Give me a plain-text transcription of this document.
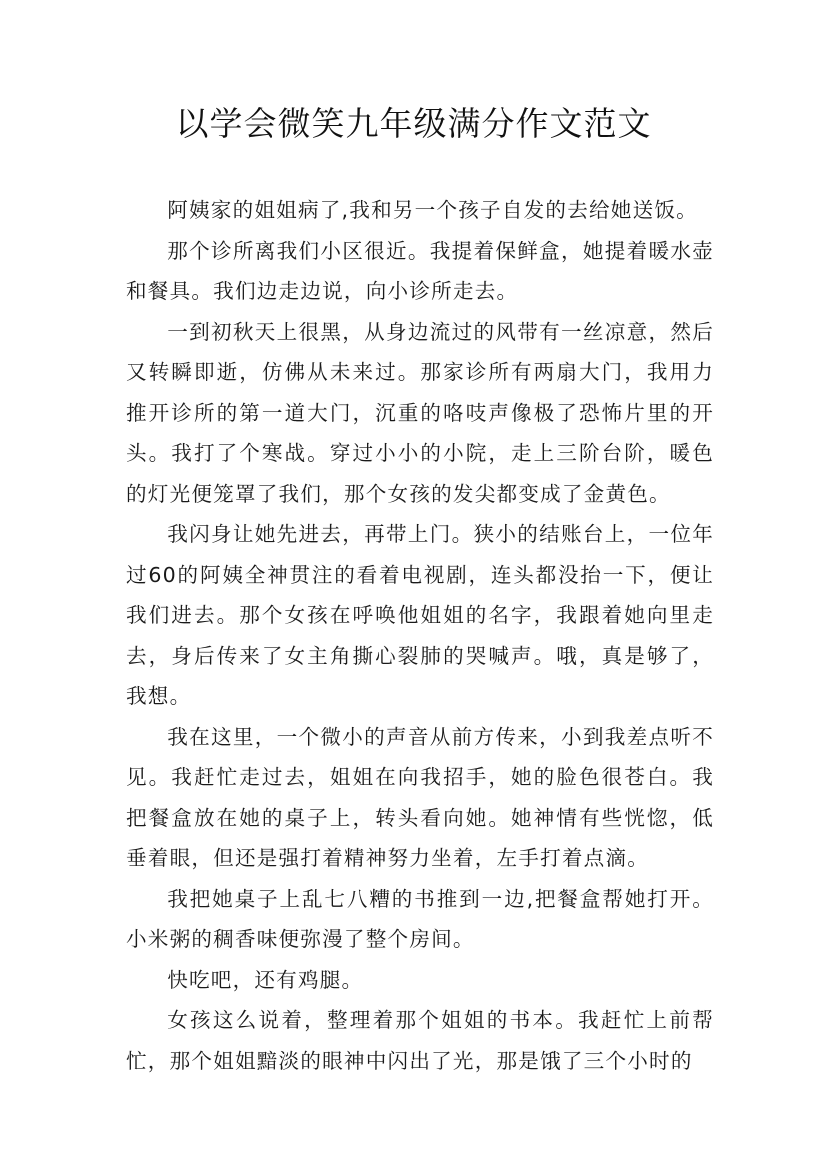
以学会微笑九年级满分作文范文

阿姨家的姐姐病了,我和另一个孩子自发的去给她送饭。

那个诊所离我们小区很近。我提着保鲜盒，她提着暖水壶和餐具。我们边走边说，向小诊所走去。

一到初秋天上很黑，从身边流过的风带有一丝凉意，然后又转瞬即逝，仿佛从未来过。那家诊所有两扇大门，我用力推开诊所的第一道大门，沉重的咯吱声像极了恐怖片里的开头。我打了个寒战。穿过小小的小院，走上三阶台阶，暖色的灯光便笼罩了我们，那个女孩的发尖都变成了金黄色。

我闪身让她先进去，再带上门。狭小的结账台上，一位年过60的阿姨全神贯注的看着电视剧，连头都没抬一下，便让我们进去。那个女孩在呼唤他姐姐的名字，我跟着她向里走去，身后传来了女主角撕心裂肺的哭喊声。哦，真是够了，我想。

我在这里，一个微小的声音从前方传来，小到我差点听不见。我赶忙走过去，姐姐在向我招手，她的脸色很苍白。我把餐盒放在她的桌子上，转头看向她。她神情有些恍惚，低垂着眼，但还是强打着精神努力坐着，左手打着点滴。

我把她桌子上乱七八糟的书推到一边,把餐盒帮她打开。小米粥的稠香味便弥漫了整个房间。

快吃吧，还有鸡腿。

女孩这么说着，整理着那个姐姐的书本。我赶忙上前帮忙，那个姐姐黯淡的眼神中闪出了光，那是饿了三个小时的
